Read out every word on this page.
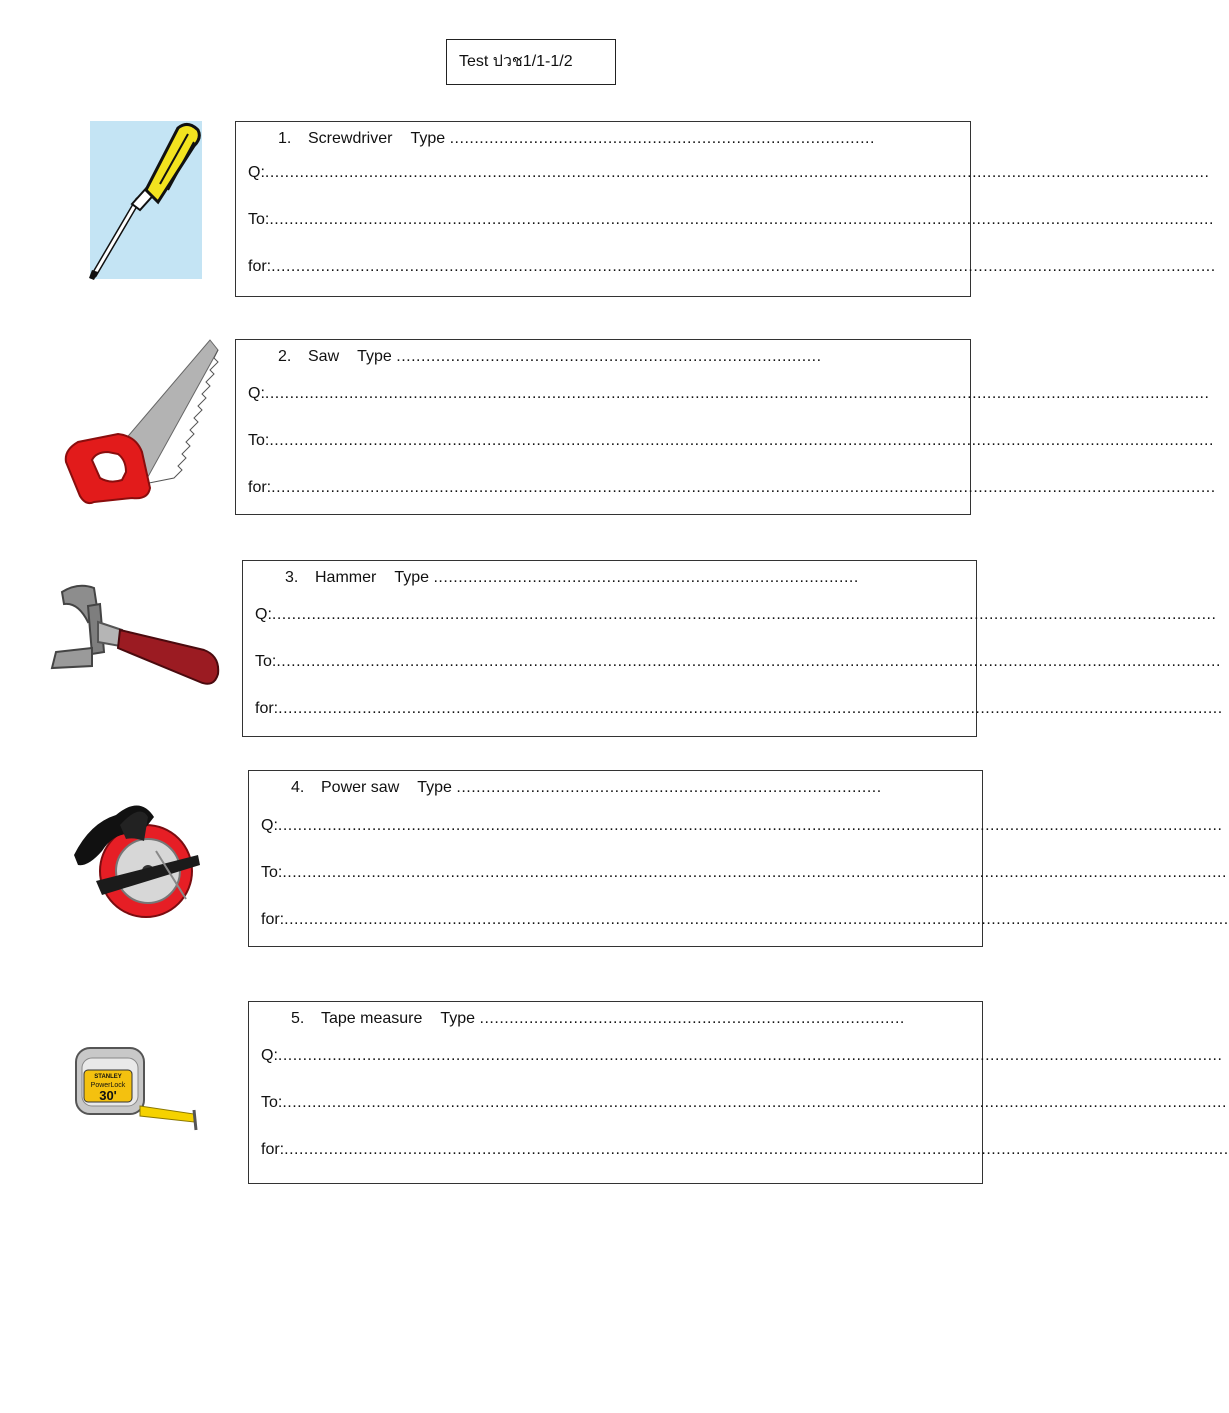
Test ปวช1/1-1/2
STANLEY
PowerLock
30'
1. Screwdriver Type ......................................................................................
Q:...............................................................................................................................................................................................
To:...............................................................................................................................................................................................
for:...............................................................................................................................................................................................
2. Saw Type ......................................................................................
Q:...............................................................................................................................................................................................
To:...............................................................................................................................................................................................
for:...............................................................................................................................................................................................
3. Hammer Type ......................................................................................
Q:...............................................................................................................................................................................................
To:...............................................................................................................................................................................................
for:...............................................................................................................................................................................................
4. Power saw Type ......................................................................................
Q:...............................................................................................................................................................................................
To:...............................................................................................................................................................................................
for:...............................................................................................................................................................................................
5. Tape measure Type ......................................................................................
Q:...............................................................................................................................................................................................
To:...............................................................................................................................................................................................
for:...............................................................................................................................................................................................
